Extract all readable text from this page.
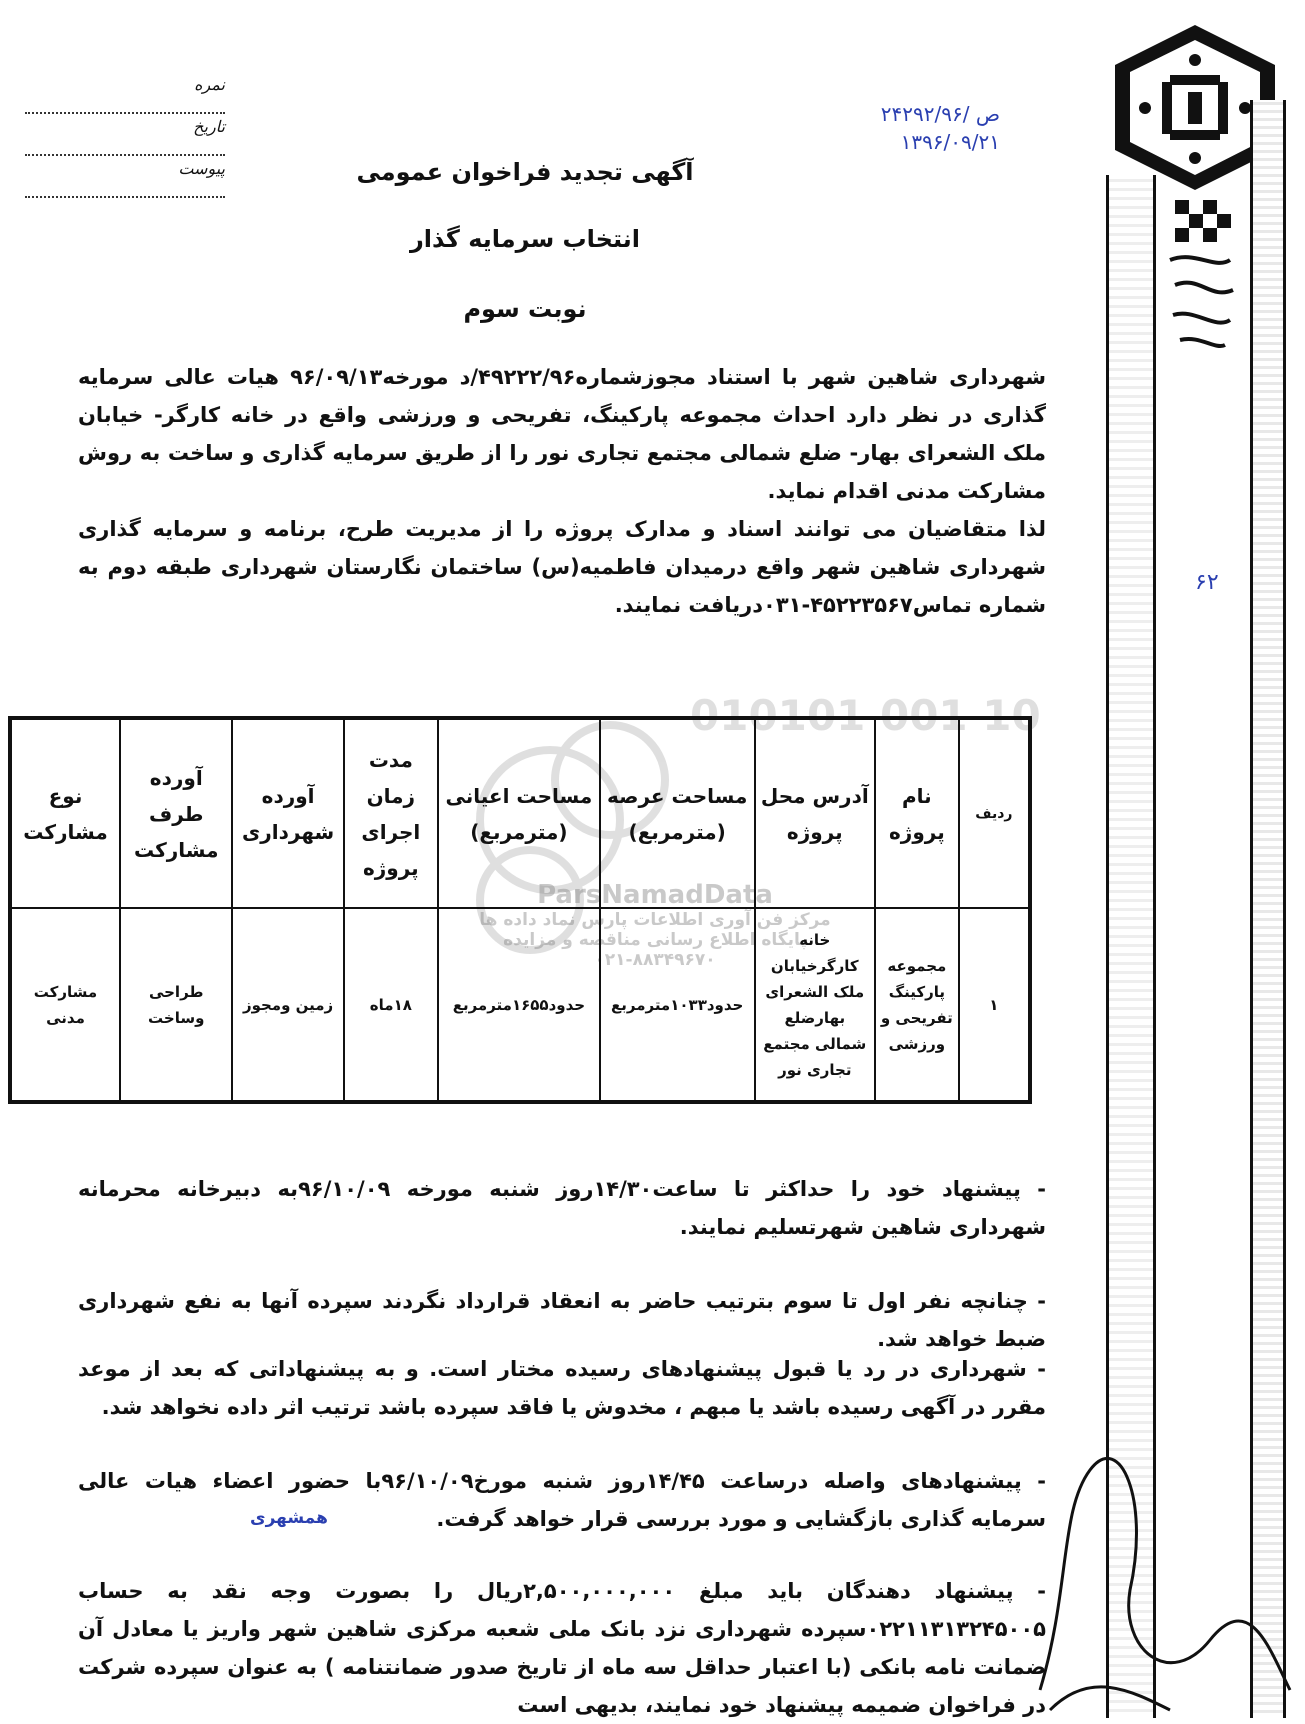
۶۲
ص /۲۴۲۹۲/۹۶
۱۳۹۶/۰۹/۲۱
نمره
تاریخ
پیوست	آگهی تجدید فراخوان عمومی
انتخاب سرمایه گذار
نوبت سوم
شهرداری شاهین شهر با استناد مجوزشماره۴۹۲۲۲/۹۶/د مورخه۹۶/۰۹/۱۳ هیات عالی سرمایه گذاری در نظر دارد احداث مجموعه پارکینگ، تفریحی و ورزشی واقع در خانه کارگر- خیابان ملک الشعرای بهار- ضلع شمالی مجتمع تجاری نور را از طریق سرمایه گذاری و ساخت به روش مشارکت مدنی اقدام نماید.
لذا متقاضیان می توانند اسناد و مدارک پروژه را از مدیریت طرح، برنامه و سرمایه گذاری شهرداری شاهین شهر واقع درمیدان فاطمیه(س) ساختمان نگارستان شهرداری طبقه دوم به شماره تماس۴۵۲۲۳۵۶۷-۰۳۱دریافت نمایند.
010101 001 10
ParsNamadData
مرکز فن آوری اطلاعات پارس نماد داده ها
پایگاه اطلاع رسانی مناقصه و مزایده
۰۲۱-۸۸۳۴۹۶۷۰
ردیف	نام پروژه	آدرس محل پروژه	مساحت عرصه (مترمربع)	مساحت اعیانی (مترمربع)	مدت زمان اجرای پروژه	آورده شهرداری	آورده طرف مشارکت	نوع مشارکت
۱	مجموعه پارکینگ تفریحی و ورزشی	خانه کارگرخیابان ملک الشعرای بهارضلع شمالی مجتمع تجاری نور	حدود۱۰۳۳مترمربع	حدود۱۶۵۵مترمربع	۱۸ماه	زمین ومجوز	طراحی وساخت	مشارکت مدنی
- پیشنهاد خود را حداکثر تا ساعت۱۴/۳۰روز شنبه مورخه ۹۶/۱۰/۰۹به دبیرخانه محرمانه شهرداری شاهین شهرتسلیم نمایند.
- چنانچه نفر اول تا سوم بترتیب حاضر به انعقاد قرارداد نگردند سپرده آنها به نفع شهرداری ضبط خواهد شد.
- شهرداری در رد یا قبول پیشنهادهای رسیده مختار است. و به پیشنهاداتی که بعد از موعد مقرر در آگهی رسیده باشد یا مبهم ، مخدوش یا فاقد سپرده باشد ترتیب اثر داده نخواهد شد.
- پیشنهادهای واصله درساعت ۱۴/۴۵روز شنبه مورخ۹۶/۱۰/۰۹با حضور اعضاء هیات عالی سرمایه گذاری بازگشایی و مورد بررسی قرار خواهد گرفت.
همشهری
- پیشنهاد دهندگان باید مبلغ ۲,۵۰۰,۰۰۰,۰۰۰ریال را بصورت وجه نقد به حساب ۰۲۲۱۱۳۱۳۲۴۵۰۰۵سپرده شهرداری نزد بانک ملی شعبه مرکزی شاهین شهر واریز یا معادل آن ضمانت نامه بانکی (با اعتبار حداقل سه ماه از تاریخ صدور ضمانتنامه ) به عنوان سپرده شرکت در فراخوان ضمیمه پیشنهاد خود نمایند، بدیهی است
